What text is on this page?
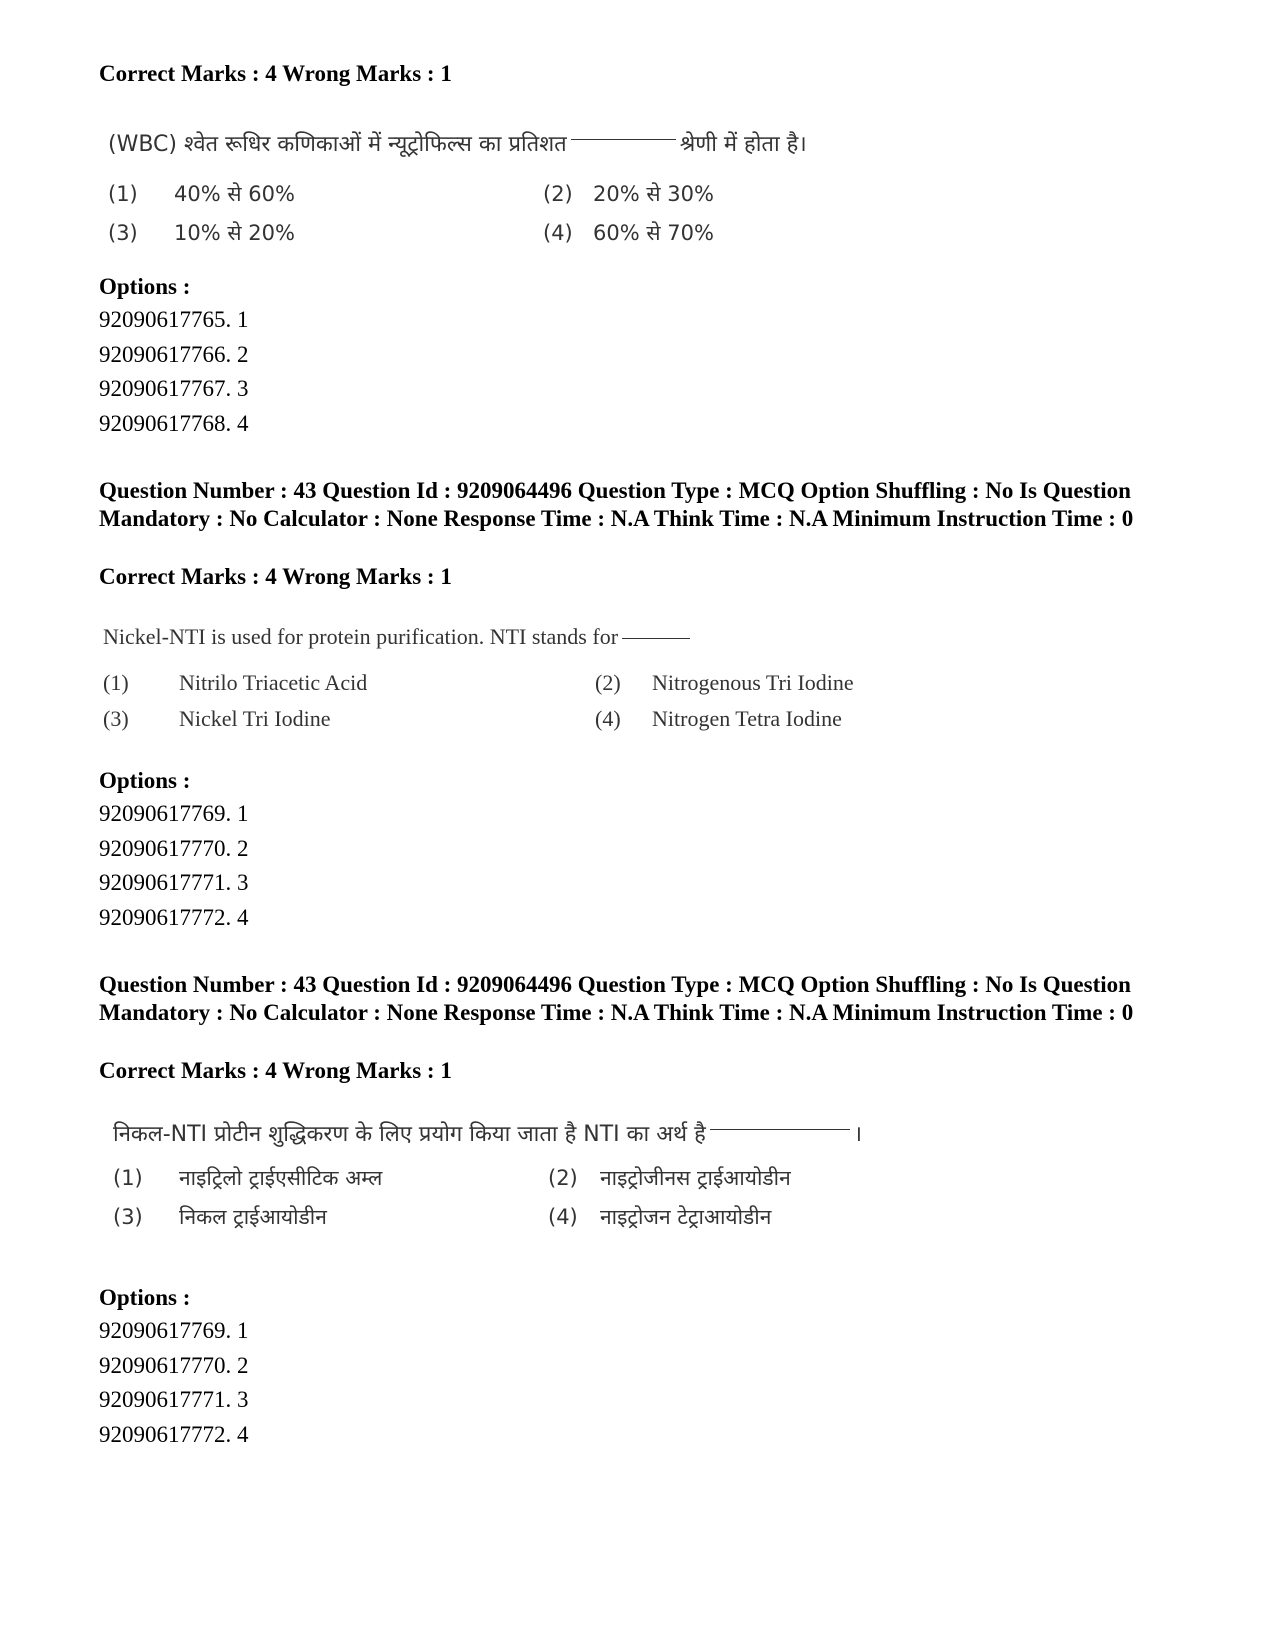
Correct Marks : 4 Wrong Marks : 1
(WBC) श्वेत रूधिर कणिकाओं में न्यूट्रोफिल्स का प्रतिशत	श्रेणी में होता है।
(1) 40% से 60%	(2) 20% से 30%
(3) 10% से 20%	(4) 60% से 70%
Options :
92090617765. 1
92090617766. 2
92090617767. 3
92090617768. 4
Question Number : 43 Question Id : 9209064496 Question Type : MCQ Option Shuffling : No Is Question Mandatory : No Calculator : None Response Time : N.A Think Time : N.A Minimum Instruction Time : 0
Correct Marks : 4 Wrong Marks : 1
Nickel-NTI is used for protein purification. NTI stands for
(1) Nitrilo Triacetic Acid	(2) Nitrogenous Tri Iodine
(3) Nickel Tri Iodine	(4) Nitrogen Tetra Iodine
Options :
92090617769. 1
92090617770. 2
92090617771. 3
92090617772. 4
Question Number : 43 Question Id : 9209064496 Question Type : MCQ Option Shuffling : No Is Question Mandatory : No Calculator : None Response Time : N.A Think Time : N.A Minimum Instruction Time : 0
Correct Marks : 4 Wrong Marks : 1
निकल-NTI प्रोटीन शुद्धिकरण के लिए प्रयोग किया जाता है NTI का अर्थ है	।
(1) नाइट्रिलो ट्राईएसीटिक अम्ल	(2) नाइट्रोजीनस ट्राईआयोडीन
(3) निकल ट्राईआयोडीन	(4) नाइट्रोजन टेट्राआयोडीन
Options :
92090617769. 1
92090617770. 2
92090617771. 3
92090617772. 4
